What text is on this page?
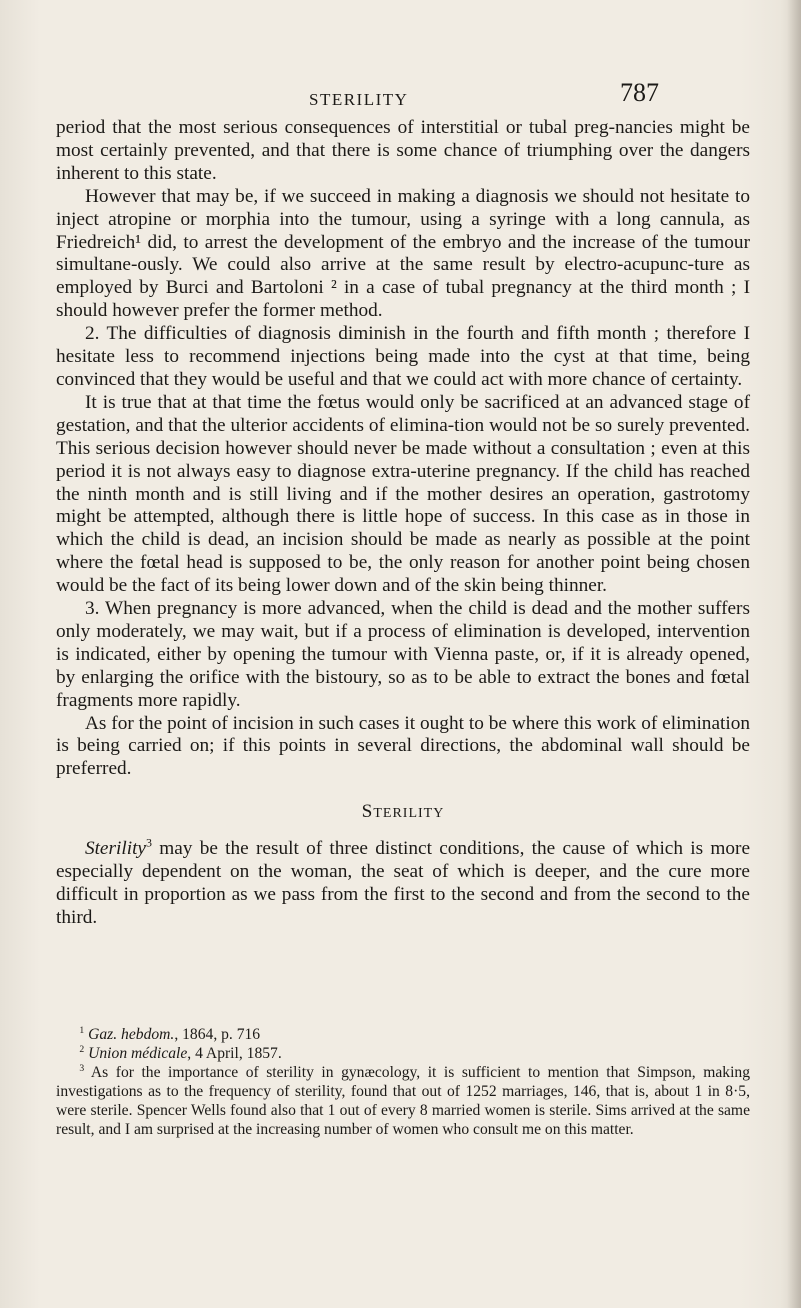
STERILITY	787

period that the most serious consequences of interstitial or tubal preg-nancies might be most certainly prevented, and that there is some chance of triumphing over the dangers inherent to this state.

However that may be, if we succeed in making a diagnosis we should not hesitate to inject atropine or morphia into the tumour, using a syringe with a long cannula, as Friedreich¹ did, to arrest the development of the embryo and the increase of the tumour simultane-ously. We could also arrive at the same result by electro-acupunc-ture as employed by Burci and Bartoloni ² in a case of tubal pregnancy at the third month ; I should however prefer the former method.

2. The difficulties of diagnosis diminish in the fourth and fifth month ; therefore I hesitate less to recommend injections being made into the cyst at that time, being convinced that they would be useful and that we could act with more chance of certainty.

It is true that at that time the fœtus would only be sacrificed at an advanced stage of gestation, and that the ulterior accidents of elimina-tion would not be so surely prevented. This serious decision however should never be made without a consultation ; even at this period it is not always easy to diagnose extra-uterine pregnancy. If the child has reached the ninth month and is still living and if the mother desires an operation, gastrotomy might be attempted, although there is little hope of success. In this case as in those in which the child is dead, an incision should be made as nearly as possible at the point where the fœtal head is supposed to be, the only reason for another point being chosen would be the fact of its being lower down and of the skin being thinner.

3. When pregnancy is more advanced, when the child is dead and the mother suffers only moderately, we may wait, but if a process of elimination is developed, intervention is indicated, either by opening the tumour with Vienna paste, or, if it is already opened, by enlarging the orifice with the bistoury, so as to be able to extract the bones and fœtal fragments more rapidly.

As for the point of incision in such cases it ought to be where this work of elimination is being carried on; if this points in several directions, the abdominal wall should be preferred.

Sterility

Sterility$^3$ may be the result of three distinct conditions, the cause of which is more especially dependent on the woman, the seat of which is deeper, and the cure more difficult in proportion as we pass from the first to the second and from the second to the third.

$^1$ Gaz. hebdom., 1864, p. 716

$^2$ Union médicale, 4 April, 1857.

$^3$ As for the importance of sterility in gynæcology, it is sufficient to mention that Simpson, making investigations as to the frequency of sterility, found that out of 1252 marriages, 146, that is, about 1 in 8·5, were sterile. Spencer Wells found also that 1 out of every 8 married women is sterile. Sims arrived at the same result, and I am surprised at the increasing number of women who consult me on this matter.
